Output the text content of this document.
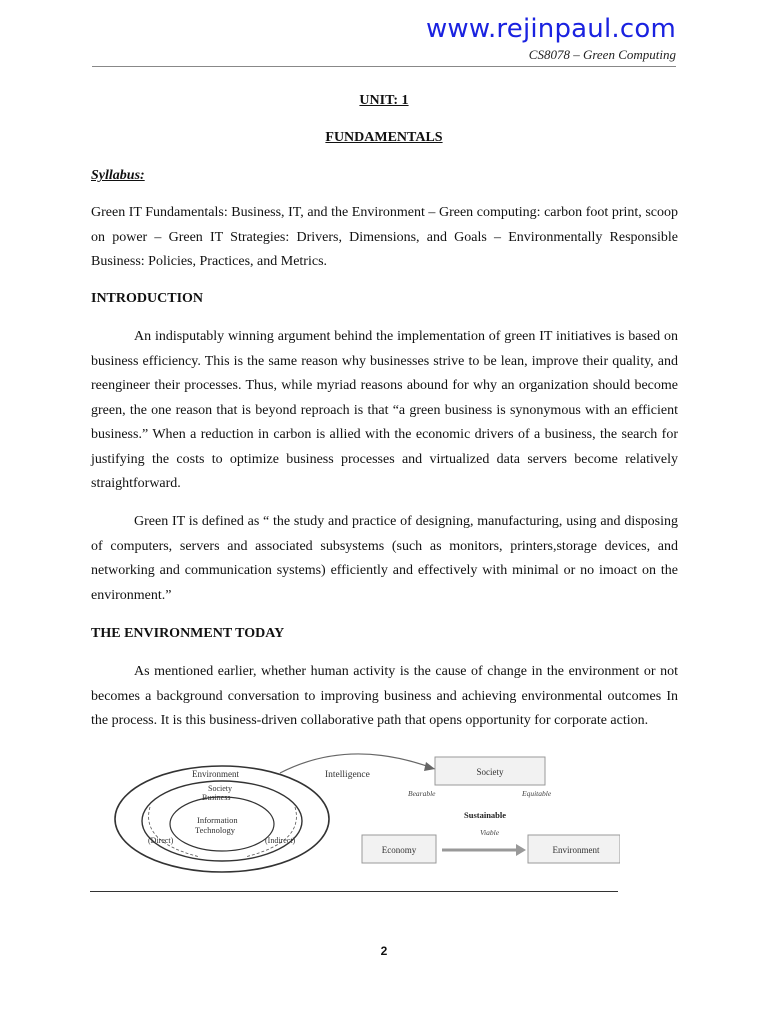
www.rejinpaul.com
CS8078 – Green Computing
UNIT: 1
FUNDAMENTALS
Syllabus:

Green IT Fundamentals: Business, IT, and the Environment – Green computing: carbon foot print, scoop on power – Green IT Strategies: Drivers, Dimensions, and Goals – Environmentally Responsible Business: Policies, Practices, and Metrics.

INTRODUCTION

An indisputably winning argument behind the implementation of green IT initiatives is based on business efficiency. This is the same reason why businesses strive to be lean, improve their quality, and reengineer their processes. Thus, while myriad reasons abound for why an organization should become green, the one reason that is beyond reproach is that “a green business is synonymous with an efficient business.” When a reduction in carbon is allied with the economic drivers of a business, the search for justifying the costs to optimize business processes and virtualized data servers become relatively straightforward.

Green IT is defined as “ the study and practice of designing, manufacturing, using and disposing of computers, servers and associated subsystems (such as monitors, printers,storage devices, and networking and communication systems) efficiently and effectively with minimal or no imoact on the environment.”

THE ENVIRONMENT TODAY

As mentioned earlier, whether human activity is the cause of change in the environment or not becomes a background conversation to improving business and achieving environmental outcomes In the process. It is this business-driven collaborative path that opens opportunity for corporate action.

Environment
Society
Business
Information
Technology
(Direct)	(Indirect)
Intelligence	Society
Economy	Environment
Bearable	Equitable
Sustainable
Viable
2
